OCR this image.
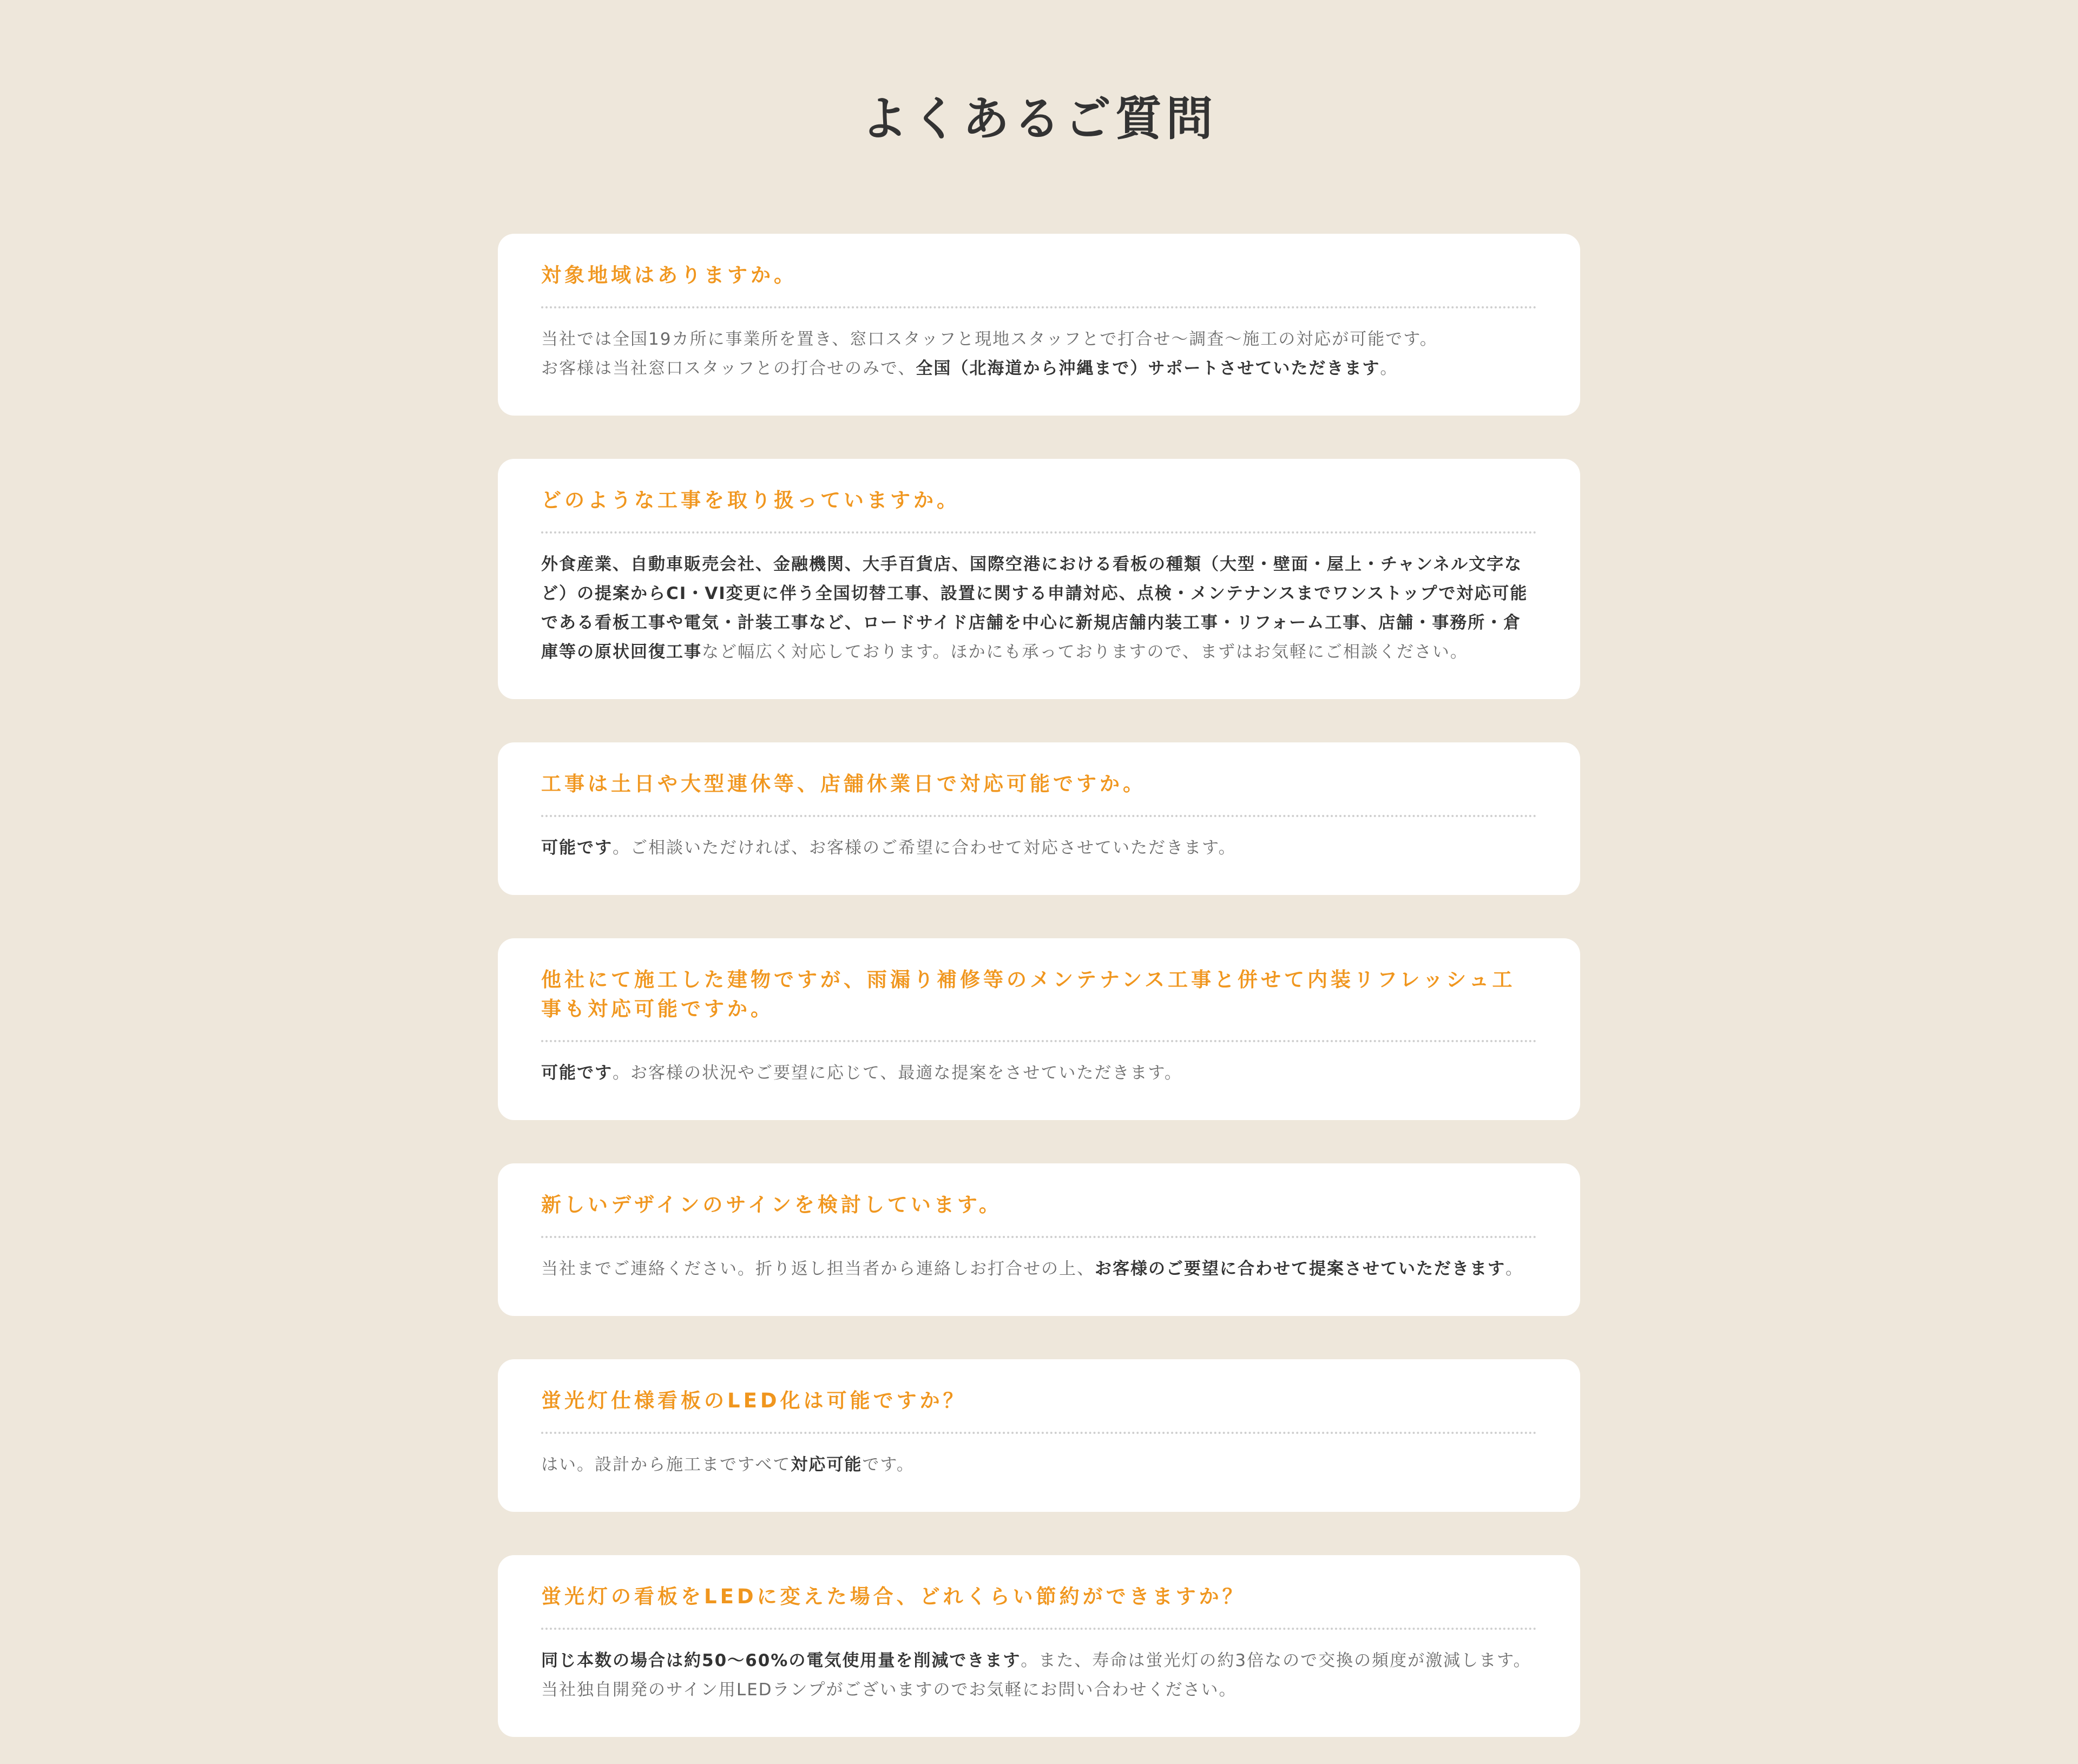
よくあるご質問
対象地域はありますか。
当社では全国19カ所に事業所を置き、窓口スタッフと現地スタッフとで打合せ〜調査〜施工の対応が可能です。
お客様は当社窓口スタッフとの打合せのみで、全国（北海道から沖縄まで）サポートさせていただきます。
どのような工事を取り扱っていますか。
外食産業、自動車販売会社、金融機関、大手百貨店、国際空港における看板の種類（大型・壁面・屋上・チャンネル文字など）の提案からCI・VI変更に伴う全国切替工事、設置に関する申請対応、点検・メンテナンスまでワンストップで対応可能である看板工事や電気・計装工事など、ロードサイド店舗を中心に新規店舗内装工事・リフォーム工事、店舗・事務所・倉庫等の原状回復工事など幅広く対応しております。ほかにも承っておりますので、まずはお気軽にご相談ください。
工事は土日や大型連休等、店舗休業日で対応可能ですか。
可能です。ご相談いただければ、お客様のご希望に合わせて対応させていただきます。
他社にて施工した建物ですが、雨漏り補修等のメンテナンス工事と併せて内装リフレッシュ工事も対応可能ですか。
可能です。お客様の状況やご要望に応じて、最適な提案をさせていただきます。
新しいデザインのサインを検討しています。
当社までご連絡ください。折り返し担当者から連絡しお打合せの上、お客様のご要望に合わせて提案させていただきます。
蛍光灯仕様看板のLED化は可能ですか？
はい。設計から施工まですべて対応可能です。
蛍光灯の看板をLEDに変えた場合、どれくらい節約ができますか？
同じ本数の場合は約50〜60%の電気使用量を削減できます。また、寿命は蛍光灯の約3倍なので交換の頻度が激減します。
当社独自開発のサイン用LEDランプがございますのでお気軽にお問い合わせください。
